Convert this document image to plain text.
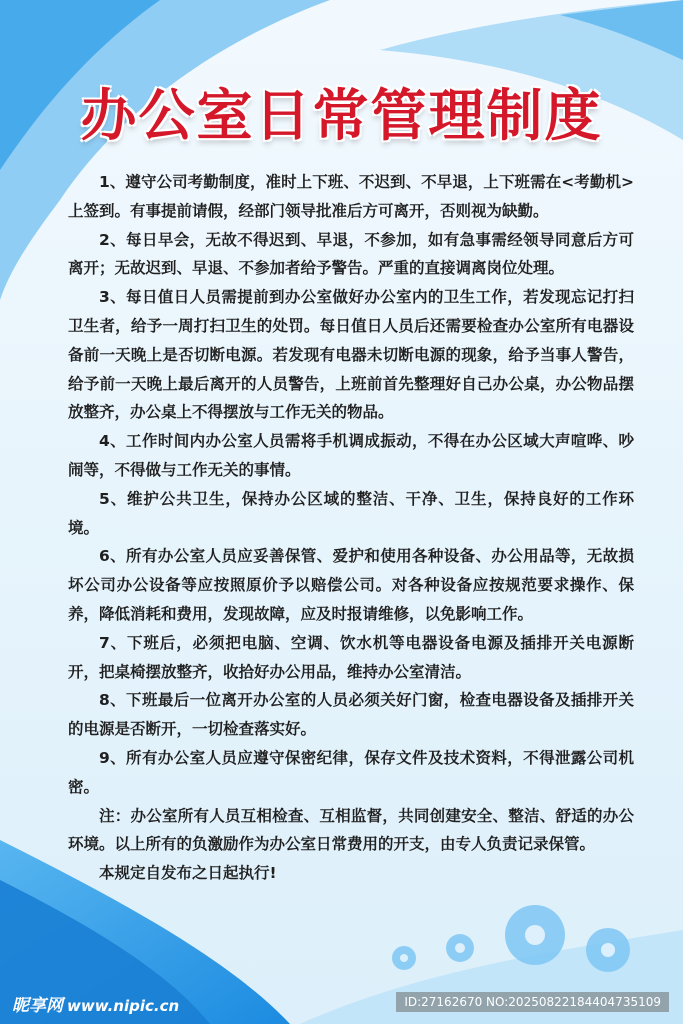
办公室日常管理制度

1、遵守公司考勤制度，准时上下班、不迟到、不早退，上下班需在<考勤机>上签到。有事提前请假，经部门领导批准后方可离开，否则视为缺勤。

2、每日早会，无故不得迟到、早退，不参加，如有急事需经领导同意后方可离开；无故迟到、早退、不参加者给予警告。严重的直接调离岗位处理。

3、每日值日人员需提前到办公室做好办公室内的卫生工作，若发现忘记打扫卫生者，给予一周打扫卫生的处罚。每日值日人员后还需要检查办公室所有电器设备前一天晚上是否切断电源。若发现有电器未切断电源的现象，给予当事人警告，给予前一天晚上最后离开的人员警告，上班前首先整理好自己办公桌，办公物品摆放整齐，办公桌上不得摆放与工作无关的物品。

4、工作时间内办公室人员需将手机调成振动，不得在办公区域大声喧哗、吵闹等，不得做与工作无关的事情。

5、维护公共卫生，保持办公区域的整洁、干净、卫生，保持良好的工作环境。

6、所有办公室人员应妥善保管、爱护和使用各种设备、办公用品等，无故损坏公司办公设备等应按照原价予以赔偿公司。对各种设备应按规范要求操作、保养，降低消耗和费用，发现故障，应及时报请维修，以免影响工作。

7、下班后，必须把电脑、空调、饮水机等电器设备电源及插排开关电源断开，把桌椅摆放整齐，收拾好办公用品，维持办公室清洁。

8、下班最后一位离开办公室的人员必须关好门窗，检查电器设备及插排开关的电源是否断开，一切检查落实好。

9、所有办公室人员应遵守保密纪律，保存文件及技术资料，不得泄露公司机密。

注：办公室所有人员互相检查、互相监督，共同创建安全、整洁、舒适的办公环境。以上所有的负激励作为办公室日常费用的开支，由专人负责记录保管。

本规定自发布之日起执行!

昵享网 www.nipic.cn	ID:27162670 NO:20250822184404735109
